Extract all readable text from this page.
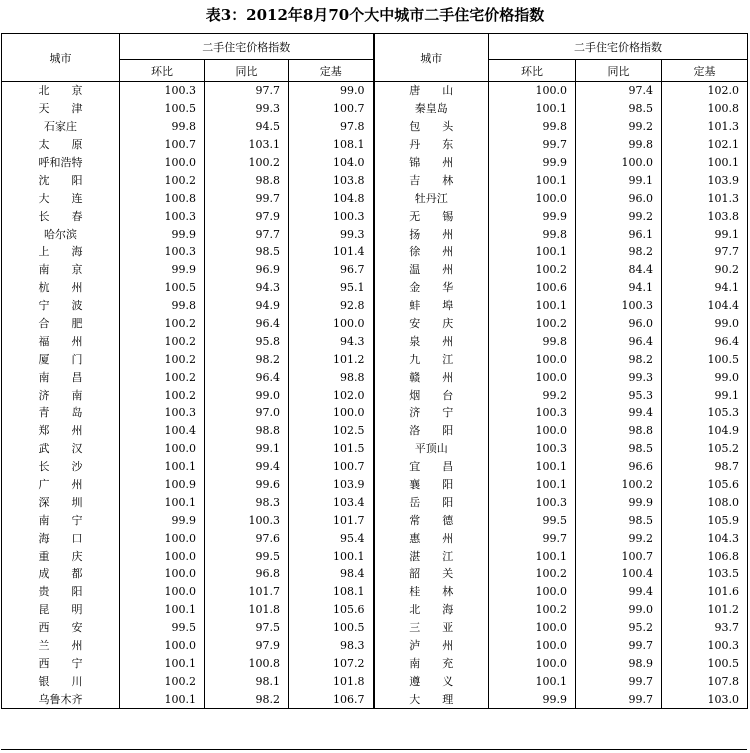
表3：2012年8月70个大中城市二手住宅价格指数
城市	二手住宅价格指数			城市	二手住宅价格指数		
	环比	同比	定基		环比	同比	定基
北　　京	100.3	97.7	99.0	唐　　山	100.0	97.4	102.0
天　　津	100.5	99.3	100.7	秦皇岛	100.1	98.5	100.8
石家庄	99.8	94.5	97.8	包　　头	99.8	99.2	101.3
太　　原	100.7	103.1	108.1	丹　　东	99.7	99.8	102.1
呼和浩特	100.0	100.2	104.0	锦　　州	99.9	100.0	100.1
沈　　阳	100.2	98.8	103.8	吉　　林	100.1	99.1	103.9
大　　连	100.8	99.7	104.8	牡丹江	100.0	96.0	101.3
长　　春	100.3	97.9	100.3	无　　锡	99.9	99.2	103.8
哈尔滨	99.9	97.7	99.3	扬　　州	99.8	96.1	99.1
上　　海	100.3	98.5	101.4	徐　　州	100.1	98.2	97.7
南　　京	99.9	96.9	96.7	温　　州	100.2	84.4	90.2
杭　　州	100.5	94.3	95.1	金　　华	100.6	94.1	94.1
宁　　波	99.8	94.9	92.8	蚌　　埠	100.1	100.3	104.4
合　　肥	100.2	96.4	100.0	安　　庆	100.2	96.0	99.0
福　　州	100.2	95.8	94.3	泉　　州	99.8	96.4	96.4
厦　　门	100.2	98.2	101.2	九　　江	100.0	98.2	100.5
南　　昌	100.2	96.4	98.8	赣　　州	100.0	99.3	99.0
济　　南	100.2	99.0	102.0	烟　　台	99.2	95.3	99.1
青　　岛	100.3	97.0	100.0	济　　宁	100.3	99.4	105.3
郑　　州	100.4	98.8	102.5	洛　　阳	100.0	98.8	104.9
武　　汉	100.0	99.1	101.5	平顶山	100.3	98.5	105.2
长　　沙	100.1	99.4	100.7	宜　　昌	100.1	96.6	98.7
广　　州	100.9	99.6	103.9	襄　　阳	100.1	100.2	105.6
深　　圳	100.1	98.3	103.4	岳　　阳	100.3	99.9	108.0
南　　宁	99.9	100.3	101.7	常　　德	99.5	98.5	105.9
海　　口	100.0	97.6	95.4	惠　　州	99.7	99.2	104.3
重　　庆	100.0	99.5	100.1	湛　　江	100.1	100.7	106.8
成　　都	100.0	96.8	98.4	韶　　关	100.2	100.4	103.5
贵　　阳	100.0	101.7	108.1	桂　　林	100.0	99.4	101.6
昆　　明	100.1	101.8	105.6	北　　海	100.2	99.0	101.2
西　　安	99.5	97.5	100.5	三　　亚	100.0	95.2	93.7
兰　　州	100.0	97.9	98.3	泸　　州	100.0	99.7	100.3
西　　宁	100.1	100.8	107.2	南　　充	100.0	98.9	100.5
银　　川	100.2	98.1	101.8	遵　　义	100.1	99.7	107.8
乌鲁木齐	100.1	98.2	106.7	大　　理	99.9	99.7	103.0
